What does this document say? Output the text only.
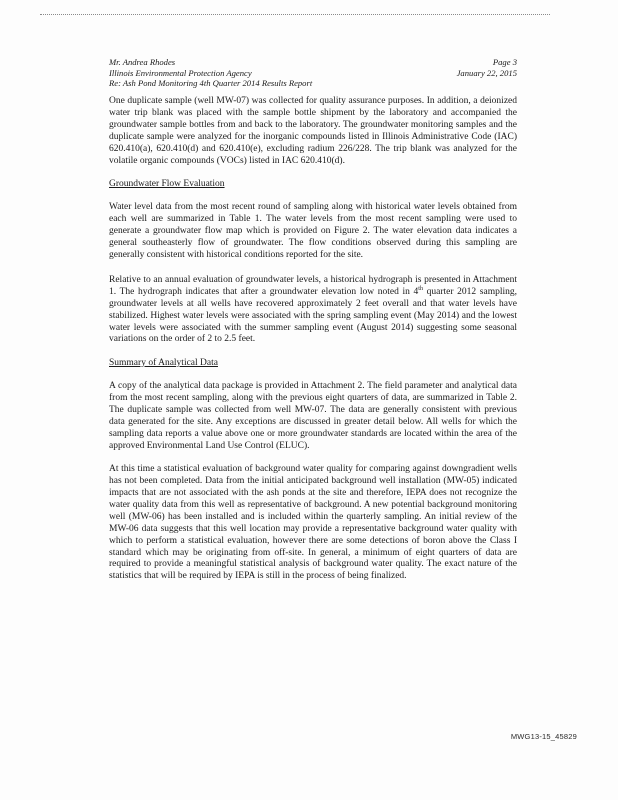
Mr. Andrea Rhodes	Page 3
Illinois Environmental Protection Agency	January 22, 2015
Re: Ash Pond Monitoring 4th Quarter 2014 Results Report

One duplicate sample (well MW-07) was collected for quality assurance purposes. In addition, a deionized water trip blank was placed with the sample bottle shipment by the laboratory and accompanied the groundwater sample bottles from and back to the laboratory. The groundwater monitoring samples and the duplicate sample were analyzed for the inorganic compounds listed in Illinois Administrative Code (IAC) 620.410(a), 620.410(d) and 620.410(e), excluding radium 226/228. The trip blank was analyzed for the volatile organic compounds (VOCs) listed in IAC 620.410(d).

Groundwater Flow Evaluation

Water level data from the most recent round of sampling along with historical water levels obtained from each well are summarized in Table 1. The water levels from the most recent sampling were used to generate a groundwater flow map which is provided on Figure 2. The water elevation data indicates a general southeasterly flow of groundwater. The flow conditions observed during this sampling are generally consistent with historical conditions reported for the site.

Relative to an annual evaluation of groundwater levels, a historical hydrograph is presented in Attachment 1. The hydrograph indicates that after a groundwater elevation low noted in 4th quarter 2012 sampling, groundwater levels at all wells have recovered approximately 2 feet overall and that water levels have stabilized. Highest water levels were associated with the spring sampling event (May 2014) and the lowest water levels were associated with the summer sampling event (August 2014) suggesting some seasonal variations on the order of 2 to 2.5 feet.

Summary of Analytical Data

A copy of the analytical data package is provided in Attachment 2. The field parameter and analytical data from the most recent sampling, along with the previous eight quarters of data, are summarized in Table 2. The duplicate sample was collected from well MW-07. The data are generally consistent with previous data generated for the site. Any exceptions are discussed in greater detail below. All wells for which the sampling data reports a value above one or more groundwater standards are located within the area of the approved Environmental Land Use Control (ELUC).

At this time a statistical evaluation of background water quality for comparing against downgradient wells has not been completed. Data from the initial anticipated background well installation (MW-05) indicated impacts that are not associated with the ash ponds at the site and therefore, IEPA does not recognize the water quality data from this well as representative of background. A new potential background monitoring well (MW-06) has been installed and is included within the quarterly sampling. An initial review of the MW-06 data suggests that this well location may provide a representative background water quality with which to perform a statistical evaluation, however there are some detections of boron above the Class I standard which may be originating from off-site. In general, a minimum of eight quarters of data are required to provide a meaningful statistical analysis of background water quality. The exact nature of the statistics that will be required by IEPA is still in the process of being finalized.

MWG13-15_45829
